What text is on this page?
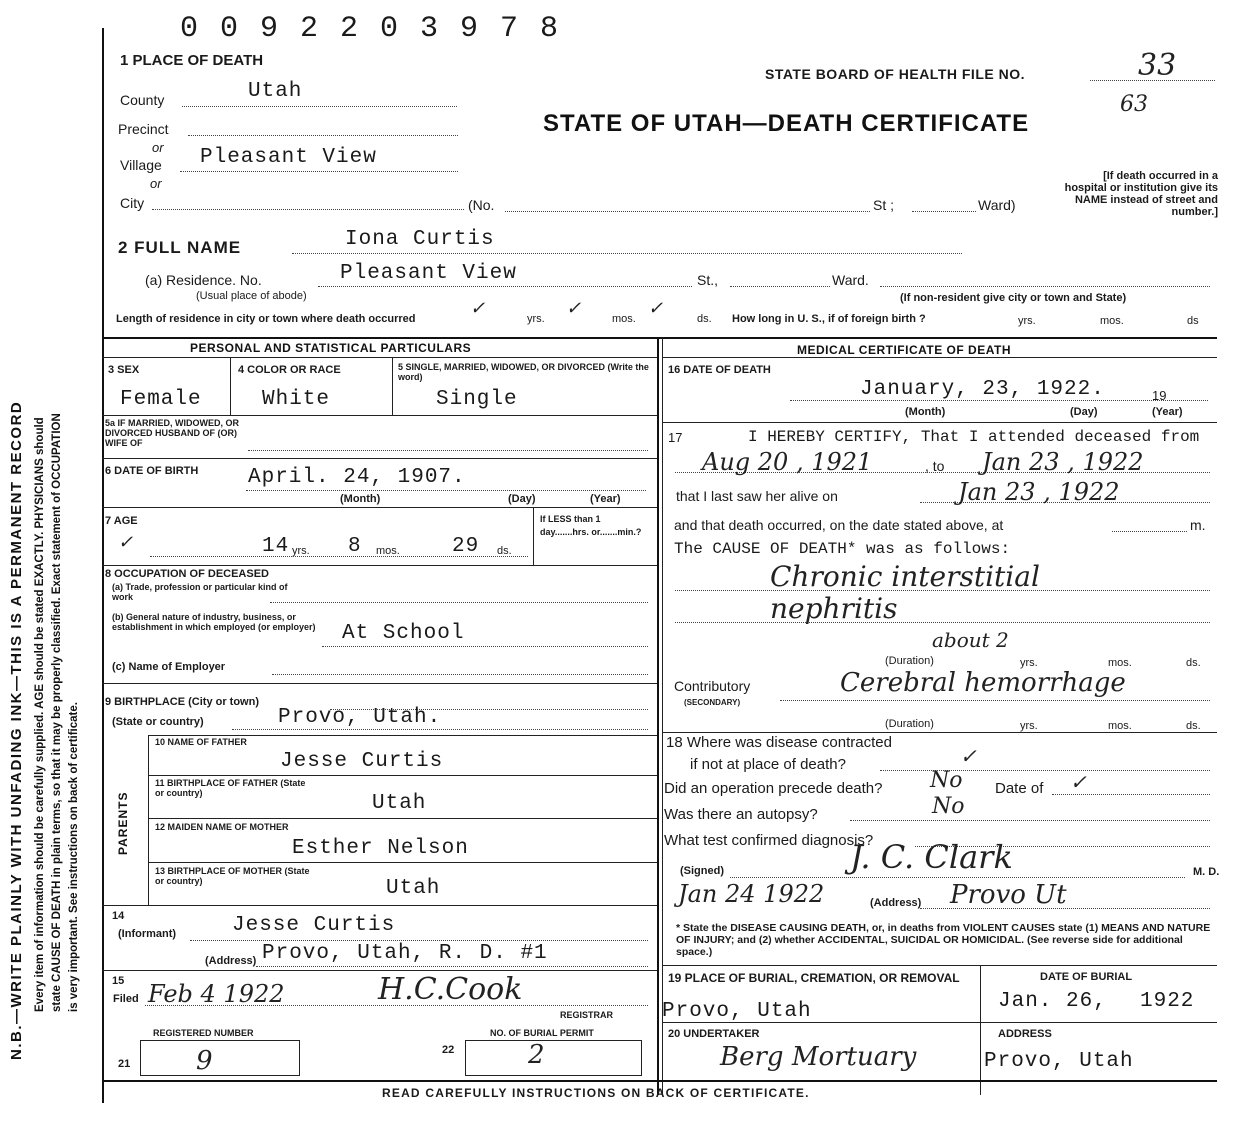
N.B.—WRITE PLAINLY WITH UNFADING INK—THIS IS A PERMANENT RECORD Every item of information should be carefully supplied. AGE should be stated EXACTLY. PHYSICIANS should state CAUSE OF DEATH in plain terms, so that it may be properly classified. Exact statement of OCCUPATION is very important. See instructions on back of certificate.
0 0 9 2 2 0 3 9 7 8
1 PLACE OF DEATH
STATE BOARD OF HEALTH FILE NO.	33
63
STATE OF UTAH—DEATH CERTIFICATE
[If death occurred in a hospital or institution give its NAME instead of street and number.]
County	Utah
Precinct
or
Village Pleasant View
or
City	(No.	St ;	Ward)
2 FULL NAME	Iona Curtis
(a) Residence. No.	Pleasant View	St.,	Ward.
(Usual place of abode)	(If non-resident give city or town and State)
Length of residence in city or town where death occurred	✓	yrs. ✓	mos. ✓	ds. How long in U. S., if of foreign birth ?	yrs.	mos.	ds
PERSONAL AND STATISTICAL PARTICULARS	MEDICAL CERTIFICATE OF DEATH
3 SEX
Female
4 COLOR OR RACE
White
5 SINGLE, MARRIED, WIDOWED, OR DIVORCED (Write the word)
Single
5a IF MARRIED, WIDOWED, OR DIVORCED HUSBAND OF (OR) WIFE OF
6 DATE OF BIRTH April. 24, 1907.
(Month)	(Day)	(Year)
7 AGE
✓	14 yrs. 8 mos. 29 ds.
If LESS than 1 day.......hrs. or.......min.?
8 OCCUPATION OF DECEASED
(a) Trade, profession or particular kind of work
(b) General nature of industry, business, or establishment in which employed (or employer)	At School
(c) Name of Employer
9 BIRTHPLACE (City or town)
(State or country)	Provo, Utah.
PARENTS
10 NAME OF FATHER
Jesse Curtis
11 BIRTHPLACE OF FATHER (State or country)	Utah
12 MAIDEN NAME OF MOTHER
Esther Nelson
13 BIRTHPLACE OF MOTHER (State or country)	Utah
14
(Informant)	Jesse Curtis
(Address) Provo, Utah, R. D. #1
15
Filed Feb 4 1922	H.C.Cook
REGISTRAR
REGISTERED NUMBER
21	9
NO. OF BURIAL PERMIT
22	2
16 DATE OF DEATH
January, 23, 1922.	19
(Month)	(Day)	(Year)
17	I HEREBY CERTIFY, That I attended deceased from
Aug 20 , 1921	, to Jan 23 , 1922
that I last saw her alive on	Jan 23 , 1922
and that death occurred, on the date stated above, at	m.
The CAUSE OF DEATH* was as follows:
Chronic interstitial
nephritis
(Duration)
about 2
yrs.	mos.	ds.
Contributory
(SECONDARY)
Cerebral hemorrhage
(Duration)	yrs.	mos.	ds.
18 Where was disease contracted
if not at place of death?	✓
Did an operation precede death? No Date of ✓
Was there an autopsy?	No
What test confirmed diagnosis?
(Signed)	J. C. Clark	M. D.
Jan 24 1922	(Address) Provo Ut
* State the DISEASE CAUSING DEATH, or, in deaths from VIOLENT CAUSES state (1) MEANS AND NATURE OF INJURY; and (2) whether ACCIDENTAL, SUICIDAL OR HOMICIDAL. (See reverse side for additional space.)
19 PLACE OF BURIAL, CREMATION, OR REMOVAL
Provo, Utah
DATE OF BURIAL
Jan. 26, 1922
20 UNDERTAKER
Berg Mortuary
ADDRESS
Provo, Utah
READ CAREFULLY INSTRUCTIONS ON BACK OF CERTIFICATE.
